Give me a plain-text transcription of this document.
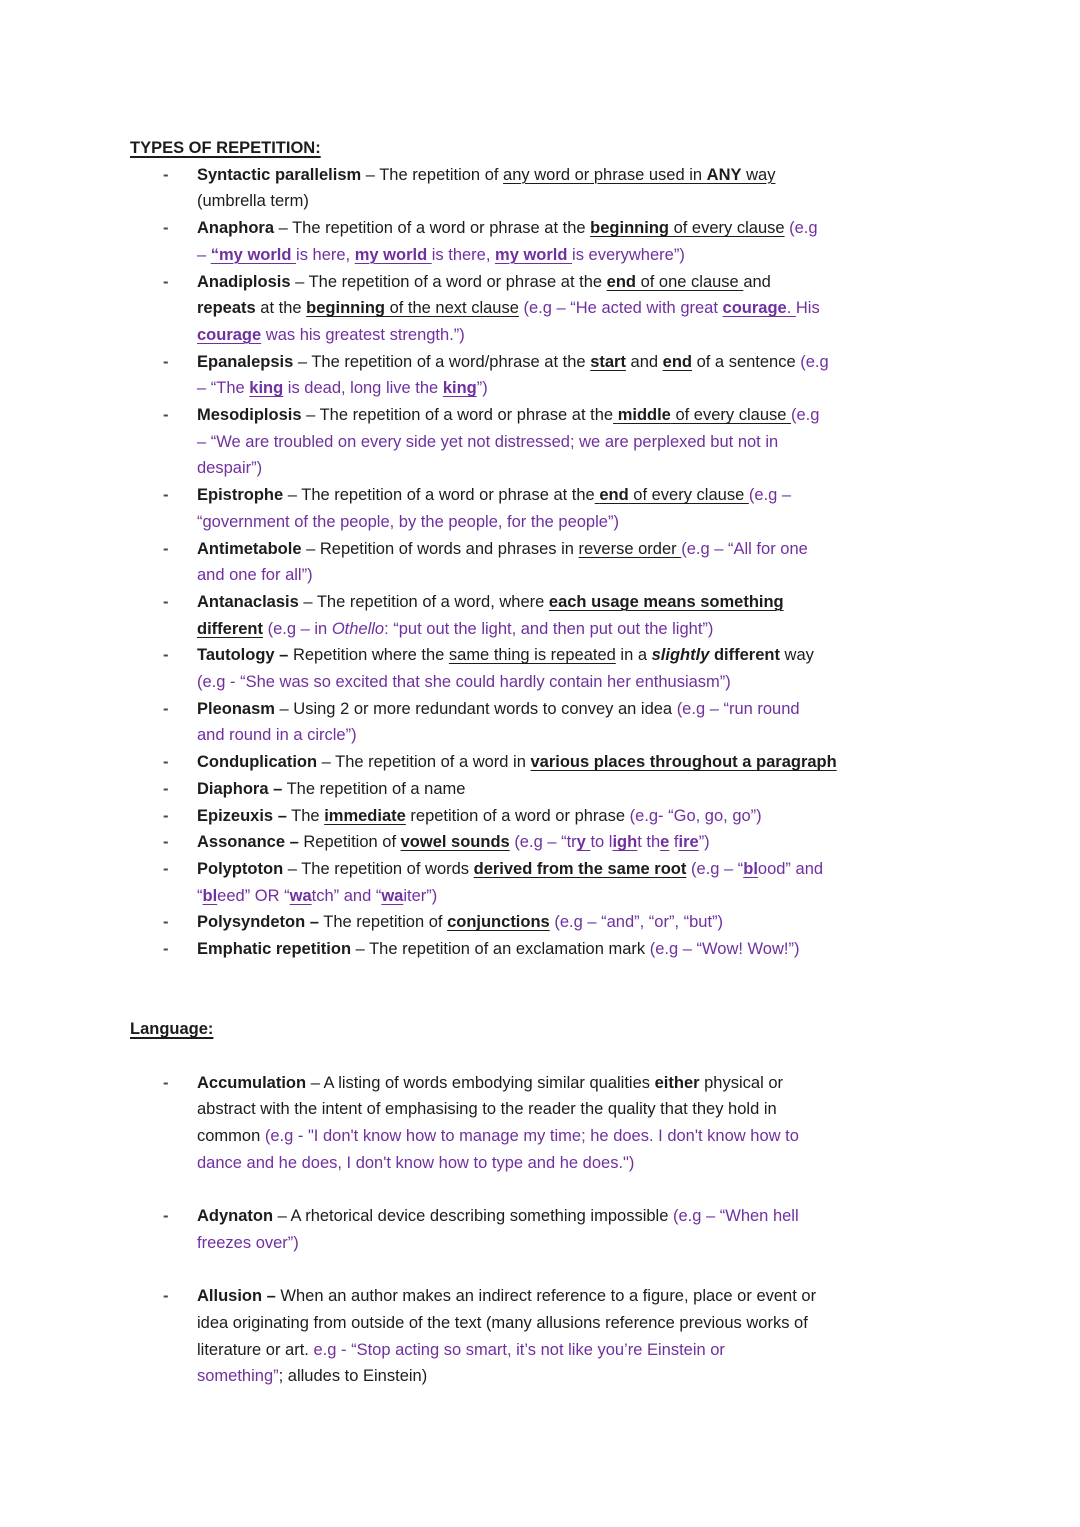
TYPES OF REPETITION:
-	Syntactic parallelism – The repetition of any word or phrase used in ANY way
(umbrella term)
-	Anaphora – The repetition of a word or phrase at the beginning of every clause (e.g
– “my world is here, my world is there, my world is everywhere”)
-	Anadiplosis – The repetition of a word or phrase at the end of one clause and
repeats at the beginning of the next clause (e.g – “He acted with great courage. His
courage was his greatest strength.”)
-	Epanalepsis – The repetition of a word/phrase at the start and end of a sentence (e.g
– “The king is dead, long live the king”)
-	Mesodiplosis – The repetition of a word or phrase at the middle of every clause (e.g
– “We are troubled on every side yet not distressed; we are perplexed but not in
despair”)
-	Epistrophe – The repetition of a word or phrase at the end of every clause (e.g –
“government of the people, by the people, for the people”)
-	Antimetabole – Repetition of words and phrases in reverse order (e.g – “All for one
and one for all”)
-	Antanaclasis – The repetition of a word, where each usage means something
different (e.g – in Othello: “put out the light, and then put out the light”)
-	Tautology – Repetition where the same thing is repeated in a slightly different way
(e.g - “She was so excited that she could hardly contain her enthusiasm”)
-	Pleonasm – Using 2 or more redundant words to convey an idea (e.g – “run round
and round in a circle”)
-	Conduplication – The repetition of a word in various places throughout a paragraph
-	Diaphora – The repetition of a name
-	Epizeuxis – The immediate repetition of a word or phrase (e.g- “Go, go, go”)
-	Assonance – Repetition of vowel sounds (e.g – “try to light the fire”)
-	Polyptoton – The repetition of words derived from the same root (e.g – “blood” and
“bleed” OR “watch” and “waiter”)
-	Polysyndeton – The repetition of conjunctions (e.g – “and”, “or”, “but”)
-	Emphatic repetition – The repetition of an exclamation mark (e.g – “Wow! Wow!”)
Language:
-	Accumulation – A listing of words embodying similar qualities either physical or
abstract with the intent of emphasising to the reader the quality that they hold in
common (e.g - "I don't know how to manage my time; he does. I don't know how to
dance and he does, I don't know how to type and he does.")
-	Adynaton – A rhetorical device describing something impossible (e.g – “When hell
freezes over”)
-	Allusion – When an author makes an indirect reference to a figure, place or event or
idea originating from outside of the text (many allusions reference previous works of
literature or art. e.g - “Stop acting so smart, it’s not like you’re Einstein or
something”; alludes to Einstein)
